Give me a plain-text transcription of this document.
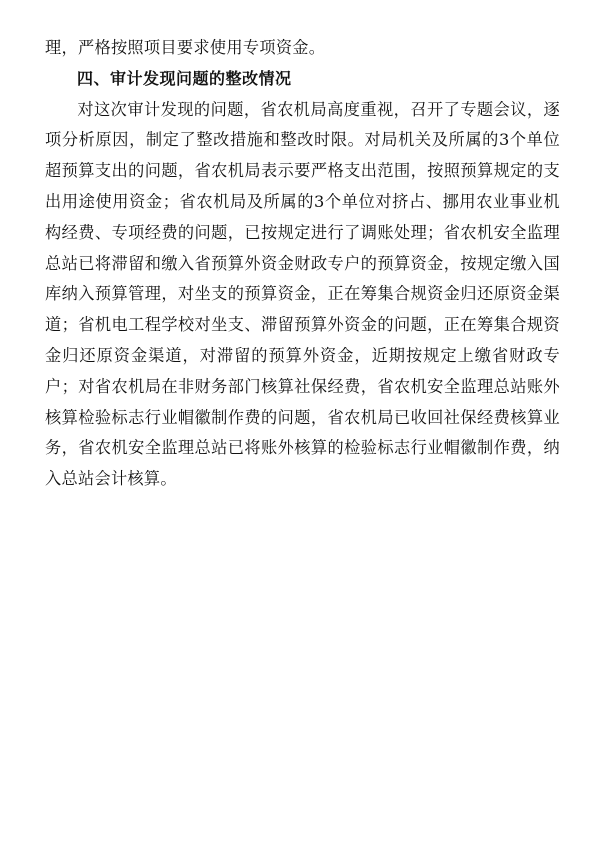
理，严格按照项目要求使用专项资金。

四、审计发现问题的整改情况

对这次审计发现的问题，省农机局高度重视，召开了专题会议，逐项分析原因，制定了整改措施和整改时限。对局机关及所属的3个单位超预算支出的问题，省农机局表示要严格支出范围，按照预算规定的支出用途使用资金；省农机局及所属的3个单位对挤占、挪用农业事业机构经费、专项经费的问题，已按规定进行了调账处理；省农机安全监理总站已将滞留和缴入省预算外资金财政专户的预算资金，按规定缴入国库纳入预算管理，对坐支的预算资金，正在筹集合规资金归还原资金渠道；省机电工程学校对坐支、滞留预算外资金的问题，正在筹集合规资金归还原资金渠道，对滞留的预算外资金，近期按规定上缴省财政专户；对省农机局在非财务部门核算社保经费，省农机安全监理总站账外核算检验标志行业帽徽制作费的问题，省农机局已收回社保经费核算业务，省农机安全监理总站已将账外核算的检验标志行业帽徽制作费，纳入总站会计核算。
